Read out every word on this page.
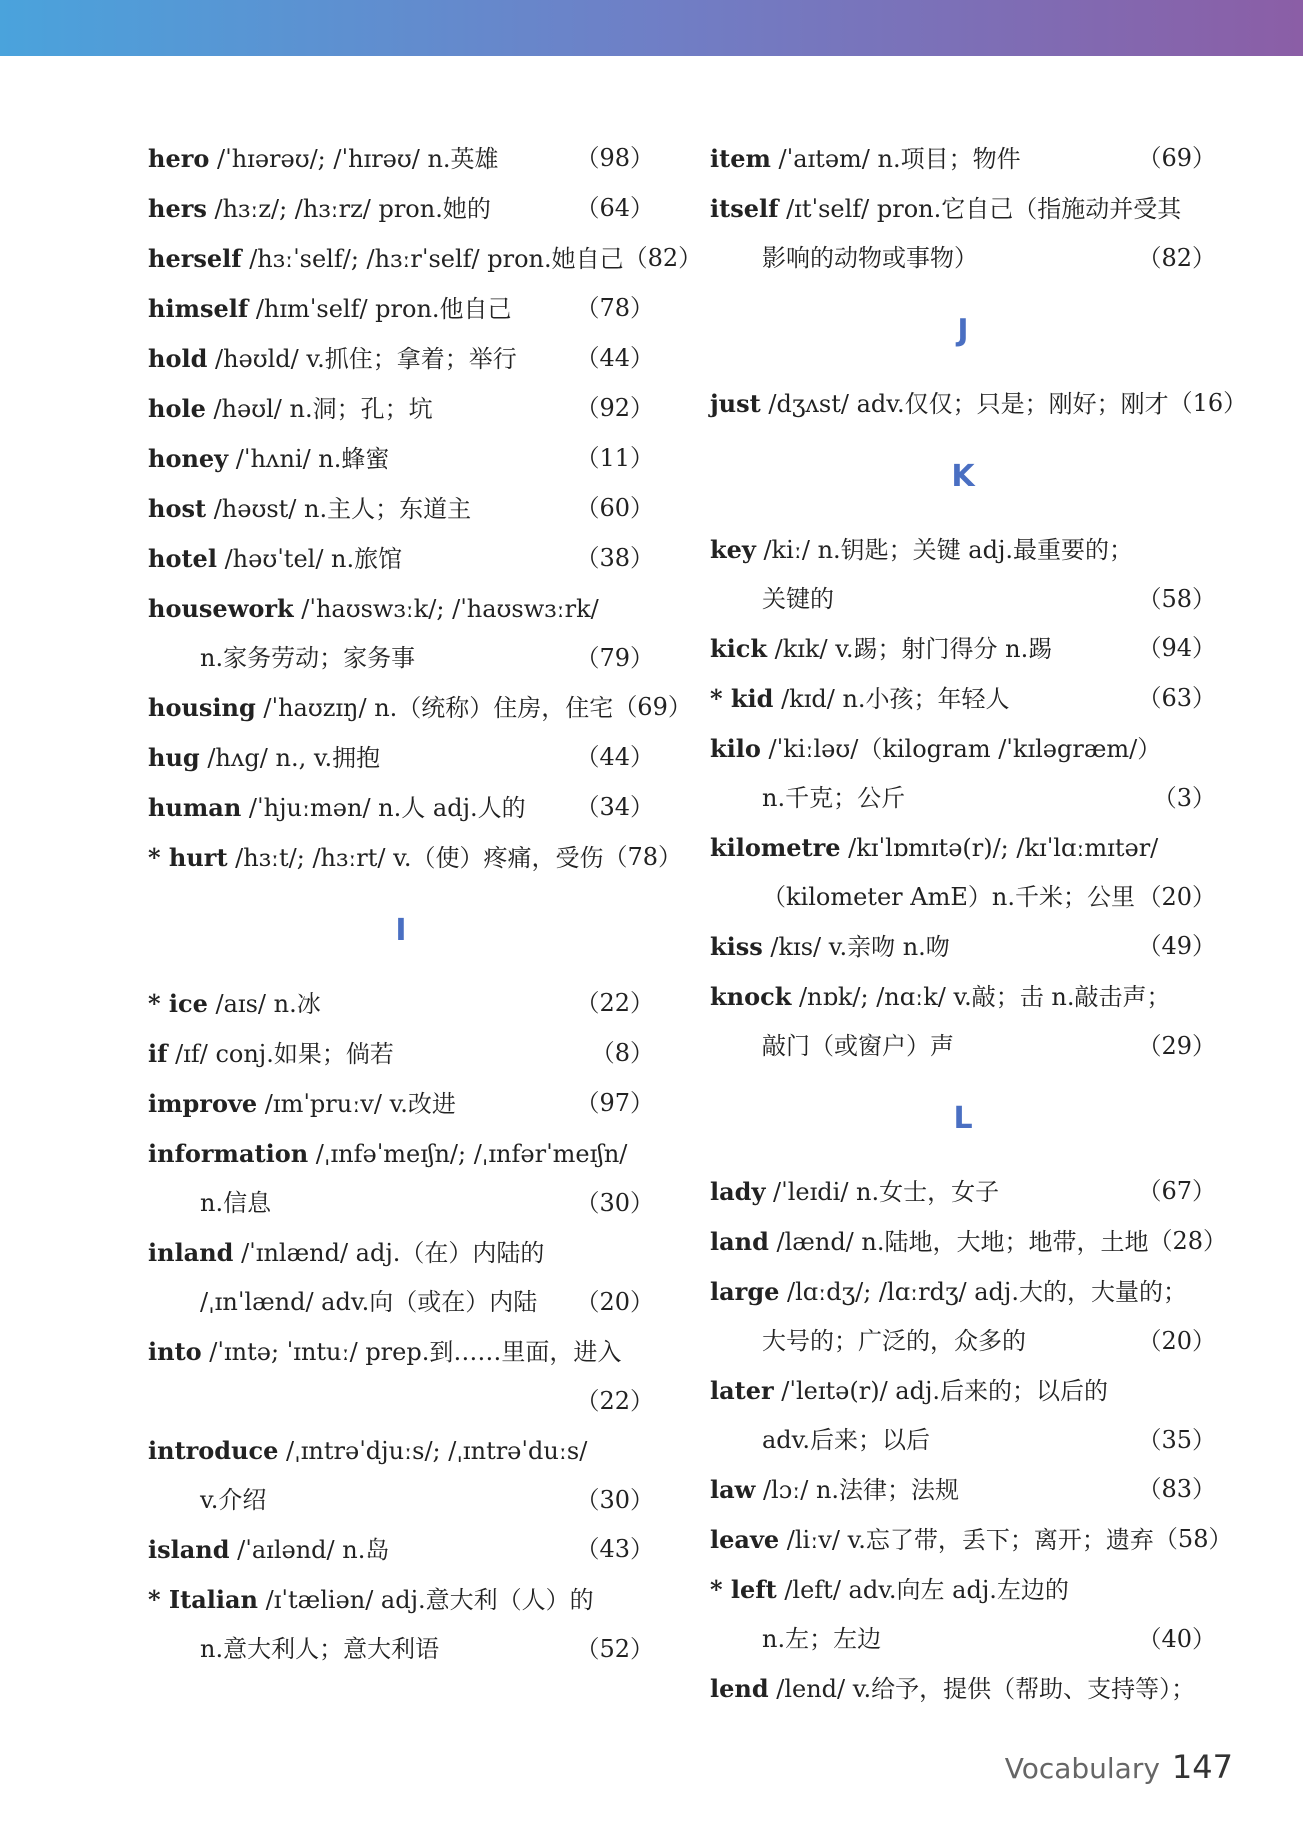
hero /ˈhɪərəʊ/; /ˈhɪrəʊ/ n.英雄	（98）
hers /hɜːz/; /hɜːrz/ pron.她的	（64）
herself /hɜːˈself/; /hɜːrˈself/ pron.她自己 （82）
himself /hɪmˈself/ pron.他自己	（78）
hold /həʊld/ v.抓住；拿着；举行 （44）
hole /həʊl/ n.洞；孔；坑	（92）
honey /ˈhʌni/ n.蜂蜜	（11）
host /həʊst/ n.主人；东道主	（60）
hotel /həʊˈtel/ n.旅馆	（38）
housework /ˈhaʊswɜːk/; /ˈhaʊswɜːrk/
n.家务劳动；家务事	（79）
housing /ˈhaʊzɪŋ/ n.（统称）住房，住宅 （69）
hug /hʌg/ n., v.拥抱	（44）
human /ˈhjuːmən/ n.人 adj.人的 （34）
* hurt /hɜːt/; /hɜːrt/ v.（使）疼痛，受伤 （78）
I
* ice /aɪs/ n.冰	（22）
if /ɪf/ conj.如果；倘若	（8）
improve /ɪmˈpruːv/ v.改进	（97）
information /ˌɪnfəˈmeɪʃn/; /ˌɪnfərˈmeɪʃn/
n.信息	（30）
inland /ˈɪnlænd/ adj.（在）内陆的
/ˌɪnˈlænd/ adv.向（或在）内陆 （20）
into /ˈɪntə; ˈɪntuː/ prep.到……里面，进入
（22）
introduce /ˌɪntrəˈdjuːs/; /ˌɪntrəˈduːs/
v.介绍	（30）
island /ˈaɪlənd/ n.岛	（43）
* Italian /ɪˈtæliən/ adj.意大利（人）的
n.意大利人；意大利语	（52）
item /ˈaɪtəm/ n.项目；物件	（69）
itself /ɪtˈself/ pron.它自己（指施动并受其
影响的动物或事物）	（82）
J
just /dʒʌst/ adv.仅仅；只是；刚好；刚才 （16）
K
key /kiː/ n.钥匙；关键 adj.最重要的；
关键的	（58）
kick /kɪk/ v.踢；射门得分 n.踢	（94）
* kid /kɪd/ n.小孩；年轻人	（63）
kilo /ˈkiːləʊ/（kilogram /ˈkɪləgræm/）
n.千克；公斤	（3）
kilometre /kɪˈlɒmɪtə(r)/; /kɪˈlɑːmɪtər/
（kilometer AmE）n.千米；公里 （20）
kiss /kɪs/ v.亲吻 n.吻	（49）
knock /nɒk/; /nɑːk/ v.敲；击 n.敲击声；
敲门（或窗户）声	（29）
L
lady /ˈleɪdi/ n.女士，女子	（67）
land /lænd/ n.陆地，大地；地带，土地 （28）
large /lɑːdʒ/; /lɑːrdʒ/ adj.大的，大量的；
大号的；广泛的，众多的	（20）
later /ˈleɪtə(r)/ adj.后来的；以后的
adv.后来；以后	（35）
law /lɔː/ n.法律；法规	（83）
leave /liːv/ v.忘了带，丢下；离开；遗弃 （58）
* left /left/ adv.向左 adj.左边的
n.左；左边	（40）
lend /lend/ v.给予，提供（帮助、支持等）；
Vocabulary 147
